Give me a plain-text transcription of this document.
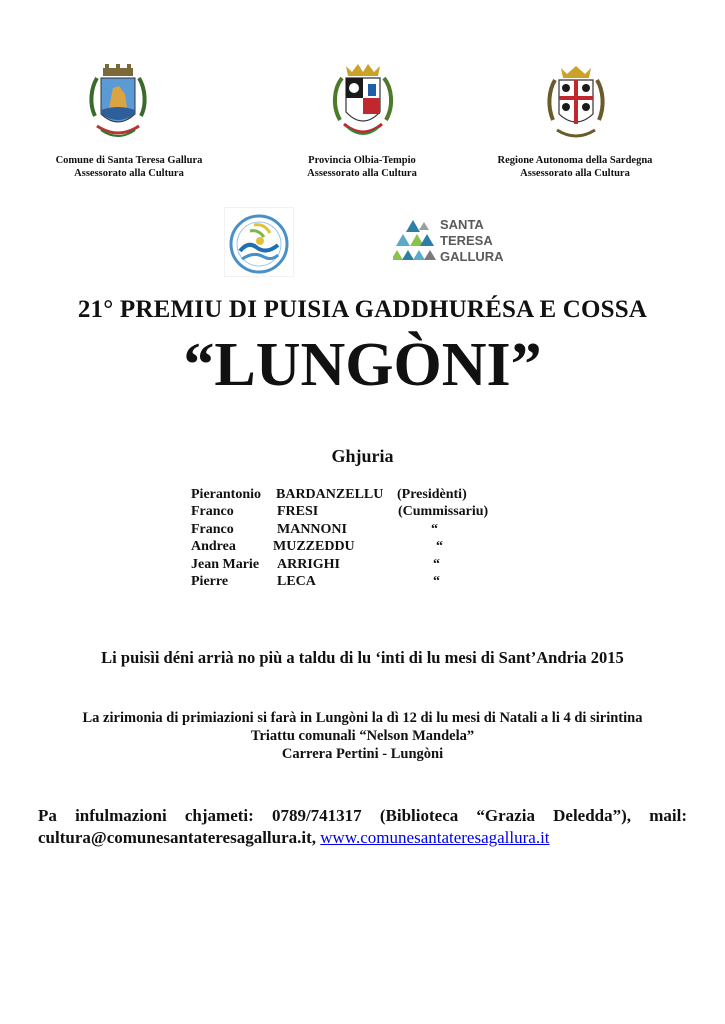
Comune di Santa Teresa Gallura
Assessorato alla Cultura
Provincia Olbia-Tempio
Assessorato alla Cultura
Regione Autonoma della Sardegna
Assessorato alla Cultura
SANTA
TERESA
GALLURA
21° PREMIU DI PUISIA GADDHURÉSA E COSSA
“LUNGÒNI”
Ghjuria
Pierantonio BARDANZELLU (Presidènti)
Franco	FRESI	(Cummissariu)
Franco	MANNONI	“
Andrea	MUZZEDDU	“
Jean Marie ARRIGHI	“
Pierre	LECA	“
Li puisìi déni arrià no più a taldu di lu ‘inti di lu mesi di Sant’Andria 2015
La zirimonia di primiazioni si farà in Lungòni la dì 12 di lu mesi di Natali a li 4 di sirintina
Triattu comunali “Nelson Mandela”
Carrera Pertini - Lungòni
Pa infulmazioni chjameti: 0789/741317 (Biblioteca “Grazia Deledda”), mail: cultura@comunesantateresagallura.it, www.comunesantateresagallura.it
